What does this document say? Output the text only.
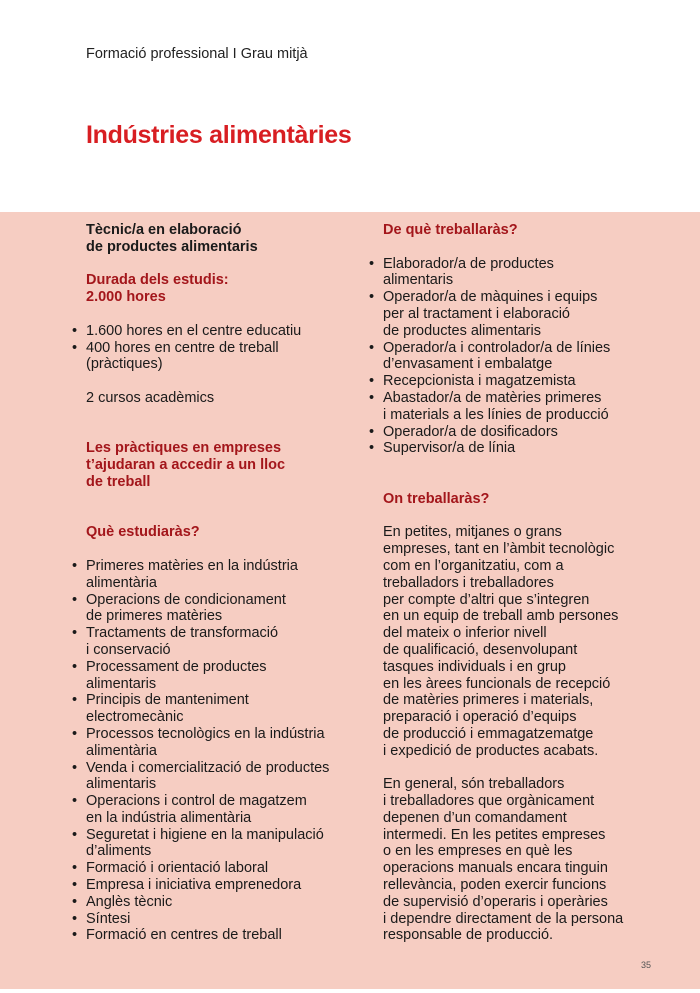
Formació professional I Grau mitjà
Indústries alimentàries
Tècnic/a en elaboració
de productes alimentaris
Durada dels estudis:
2.000 hores
• 1.600 hores en el centre educatiu
• 400 hores en centre de treball
(pràctiques)
2 cursos acadèmics
Les pràctiques en empreses
t’ajudaran a accedir a un lloc
de treball
Què estudiaràs?
• Primeres matèries en la indústria
alimentària
• Operacions de condicionament
de primeres matèries
• Tractaments de transformació
i conservació
• Processament de productes
alimentaris
• Principis de manteniment
electromecànic
• Processos tecnològics en la indústria
alimentària
• Venda i comercialització de productes
alimentaris
• Operacions i control de magatzem
en la indústria alimentària
• Seguretat i higiene en la manipulació
d’aliments
• Formació i orientació laboral
• Empresa i iniciativa emprenedora
• Anglès tècnic
• Síntesi
• Formació en centres de treball
De què treballaràs?
• Elaborador/a de productes
alimentaris
• Operador/a de màquines i equips
per al tractament i elaboració
de productes alimentaris
• Operador/a i controlador/a de línies
d’envasament i embalatge
• Recepcionista i magatzemista
• Abastador/a de matèries primeres
i materials a les línies de producció
• Operador/a de dosificadors
• Supervisor/a de línia
On treballaràs?
En petites, mitjanes o grans
empreses, tant en l’àmbit tecnològic
com en l’organitzatiu, com a
treballadors i treballadores
per compte d’altri que s’integren
en un equip de treball amb persones
del mateix o inferior nivell
de qualificació, desenvolupant
tasques individuals i en grup
en les àrees funcionals de recepció
de matèries primeres i materials,
preparació i operació d’equips
de producció i emmagatzematge
i expedició de productes acabats.
En general, són treballadors
i treballadores que orgànicament
depenen d’un comandament
intermedi. En les petites empreses
o en les empreses en què les
operacions manuals encara tinguin
rellevància, poden exercir funcions
de supervisió d’operaris i operàries
i dependre directament de la persona
responsable de producció.
35
